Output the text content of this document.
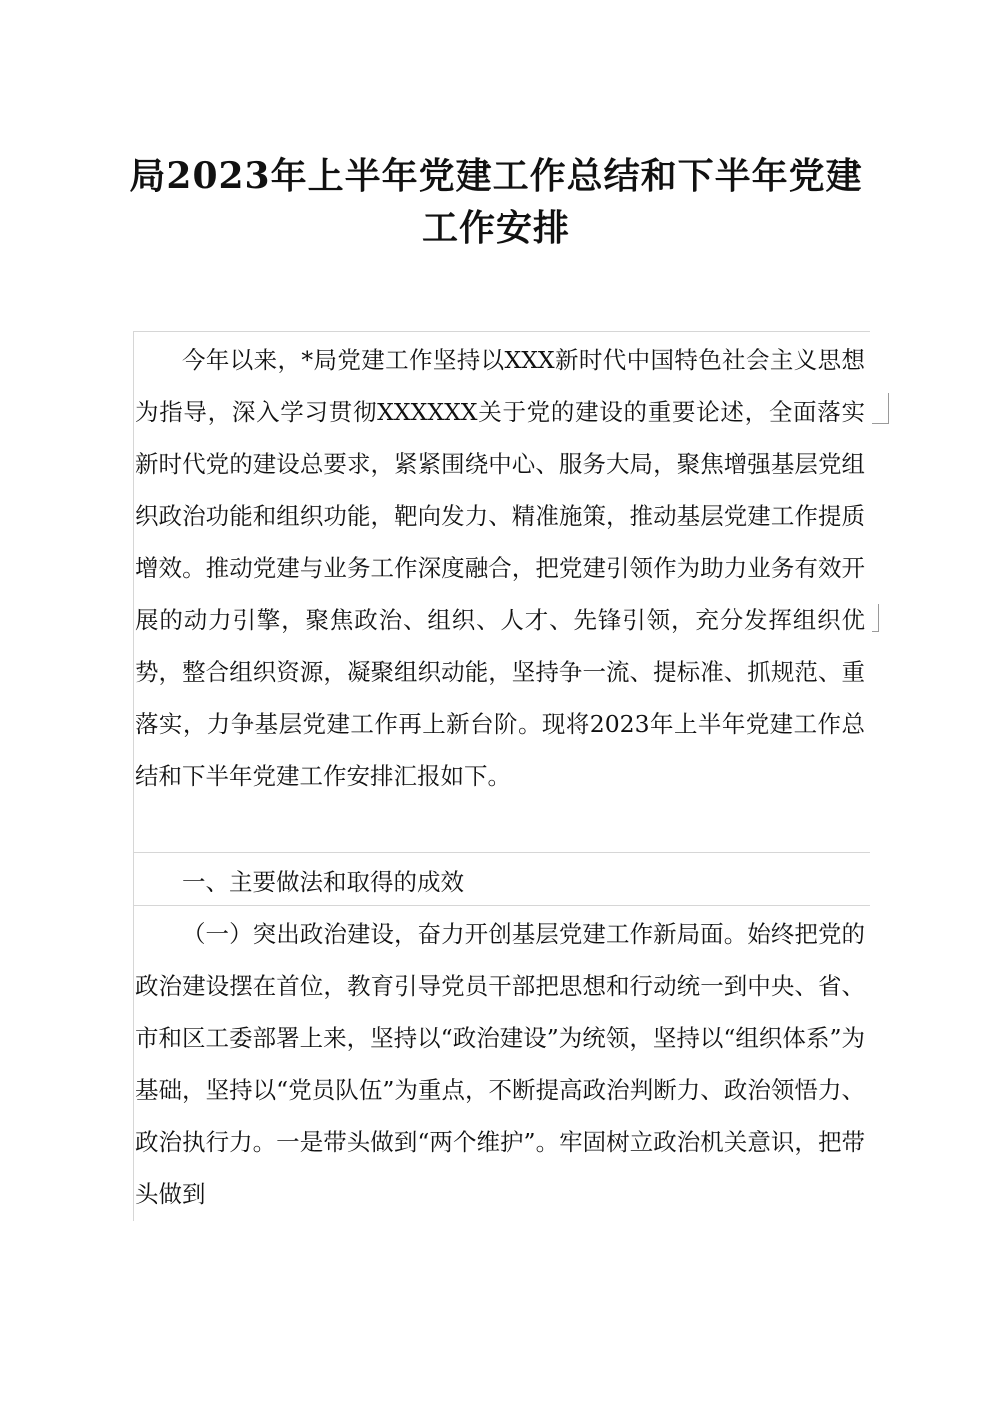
局2023年上半年党建工作总结和下半年党建
工作安排

今年以来，*局党建工作坚持以XXX新时代中国特色社会主义思想为指导，深入学习贯彻XXXXXX关于党的建设的重要论述，全面落实新时代党的建设总要求，紧紧围绕中心、服务大局，聚焦增强基层党组织政治功能和组织功能，靶向发力、精准施策，推动基层党建工作提质增效。推动党建与业务工作深度融合，把党建引领作为助力业务有效开展的动力引擎，聚焦政治、组织、人才、先锋引领，充分发挥组织优势，整合组织资源，凝聚组织动能，坚持争一流、提标准、抓规范、重落实，力争基层党建工作再上新台阶。现将2023年上半年党建工作总结和下半年党建工作安排汇报如下。

一、主要做法和取得的成效

（一）突出政治建设，奋力开创基层党建工作新局面。始终把党的政治建设摆在首位，教育引导党员干部把思想和行动统一到中央、省、市和区工委部署上来，坚持以“政治建设”为统领，坚持以“组织体系”为基础，坚持以“党员队伍”为重点，不断提高政治判断力、政治领悟力、政治执行力。一是带头做到“两个维护”。牢固树立政治机关意识，把带头做到
